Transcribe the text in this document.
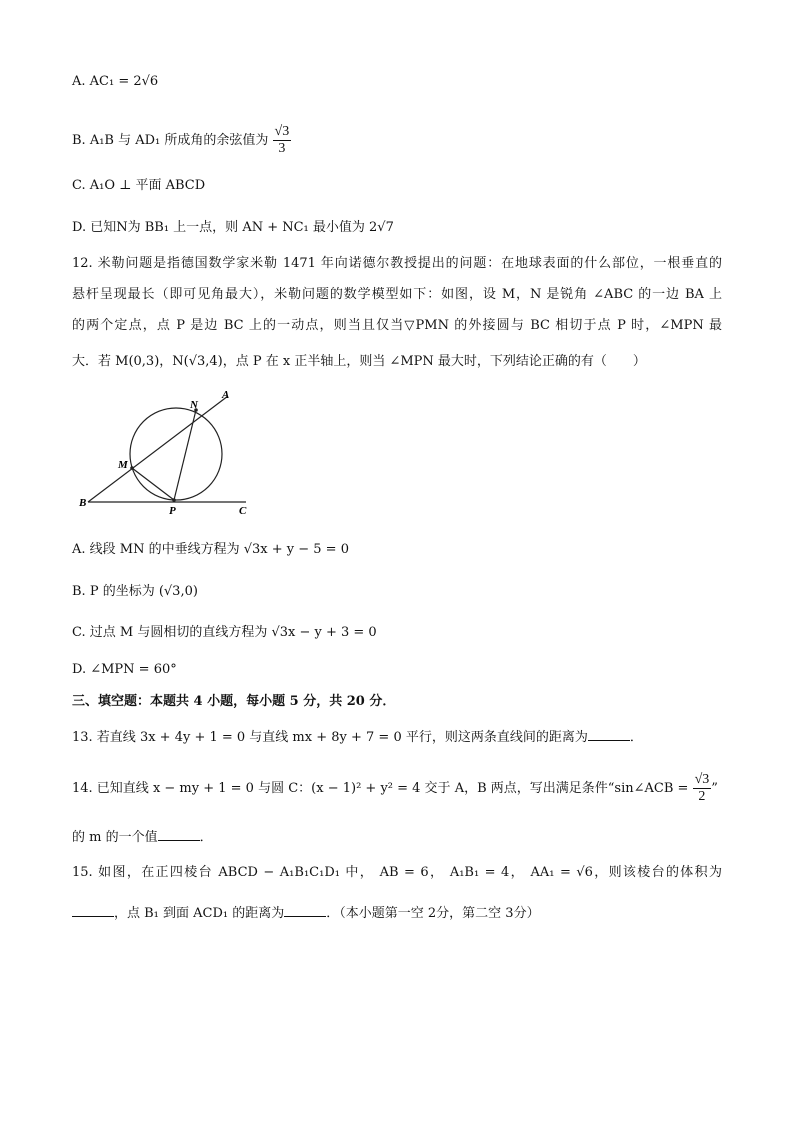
A. AC₁ = 2√6
B. A₁B 与 AD₁ 所成角的余弦值为 $\frac{√3}{3}$
C. A₁O ⊥ 平面 ABCD
D. 已知N为 BB₁ 上一点，则 AN + NC₁ 最小值为 2√7
12. 米勒问题是指德国数学家米勒 1471 年向诺德尔教授提出的问题：在地球表面的什么部位，一根垂直的
悬杆呈现最长（即可见角最大），米勒问题的数学模型如下：如图，设 M，N 是锐角 ∠ABC 的一边 BA 上
的两个定点，点 P 是边 BC 上的一动点，则当且仅当▽PMN 的外接圆与 BC 相切于点 P 时，∠MPN 最
大．若 M(0,3)，N(√3,4)，点 P 在 x 正半轴上，则当 ∠MPN 最大时，下列结论正确的有（　　）
A
B
C
M
N
P
A. 线段 MN 的中垂线方程为 √3x + y − 5 = 0
B. P 的坐标为 (√3,0)
C. 过点 M 与圆相切的直线方程为 √3x − y + 3 = 0
D. ∠MPN = 60°
三、填空题：本题共 4 小题，每小题 5 分，共 20 分．
13. 若直线 3x + 4y + 1 = 0 与直线 mx + 8y + 7 = 0 平行，则这两条直线间的距离为	．
14. 已知直线 x − my + 1 = 0 与圆 C：(x − 1)² + y² = 4 交于 A，B 两点，写出满足条件“sin∠ACB = $\frac{√3}{2}$ ”
的 m 的一个值	．
15. 如图，在正四棱台 ABCD − A₁B₁C₁D₁ 中， AB = 6， A₁B₁ = 4， AA₁ = √6，则该棱台的体积为
，点 B₁ 到面 ACD₁ 的距离为	．（本小题第一空 2分，第二空 3分）
